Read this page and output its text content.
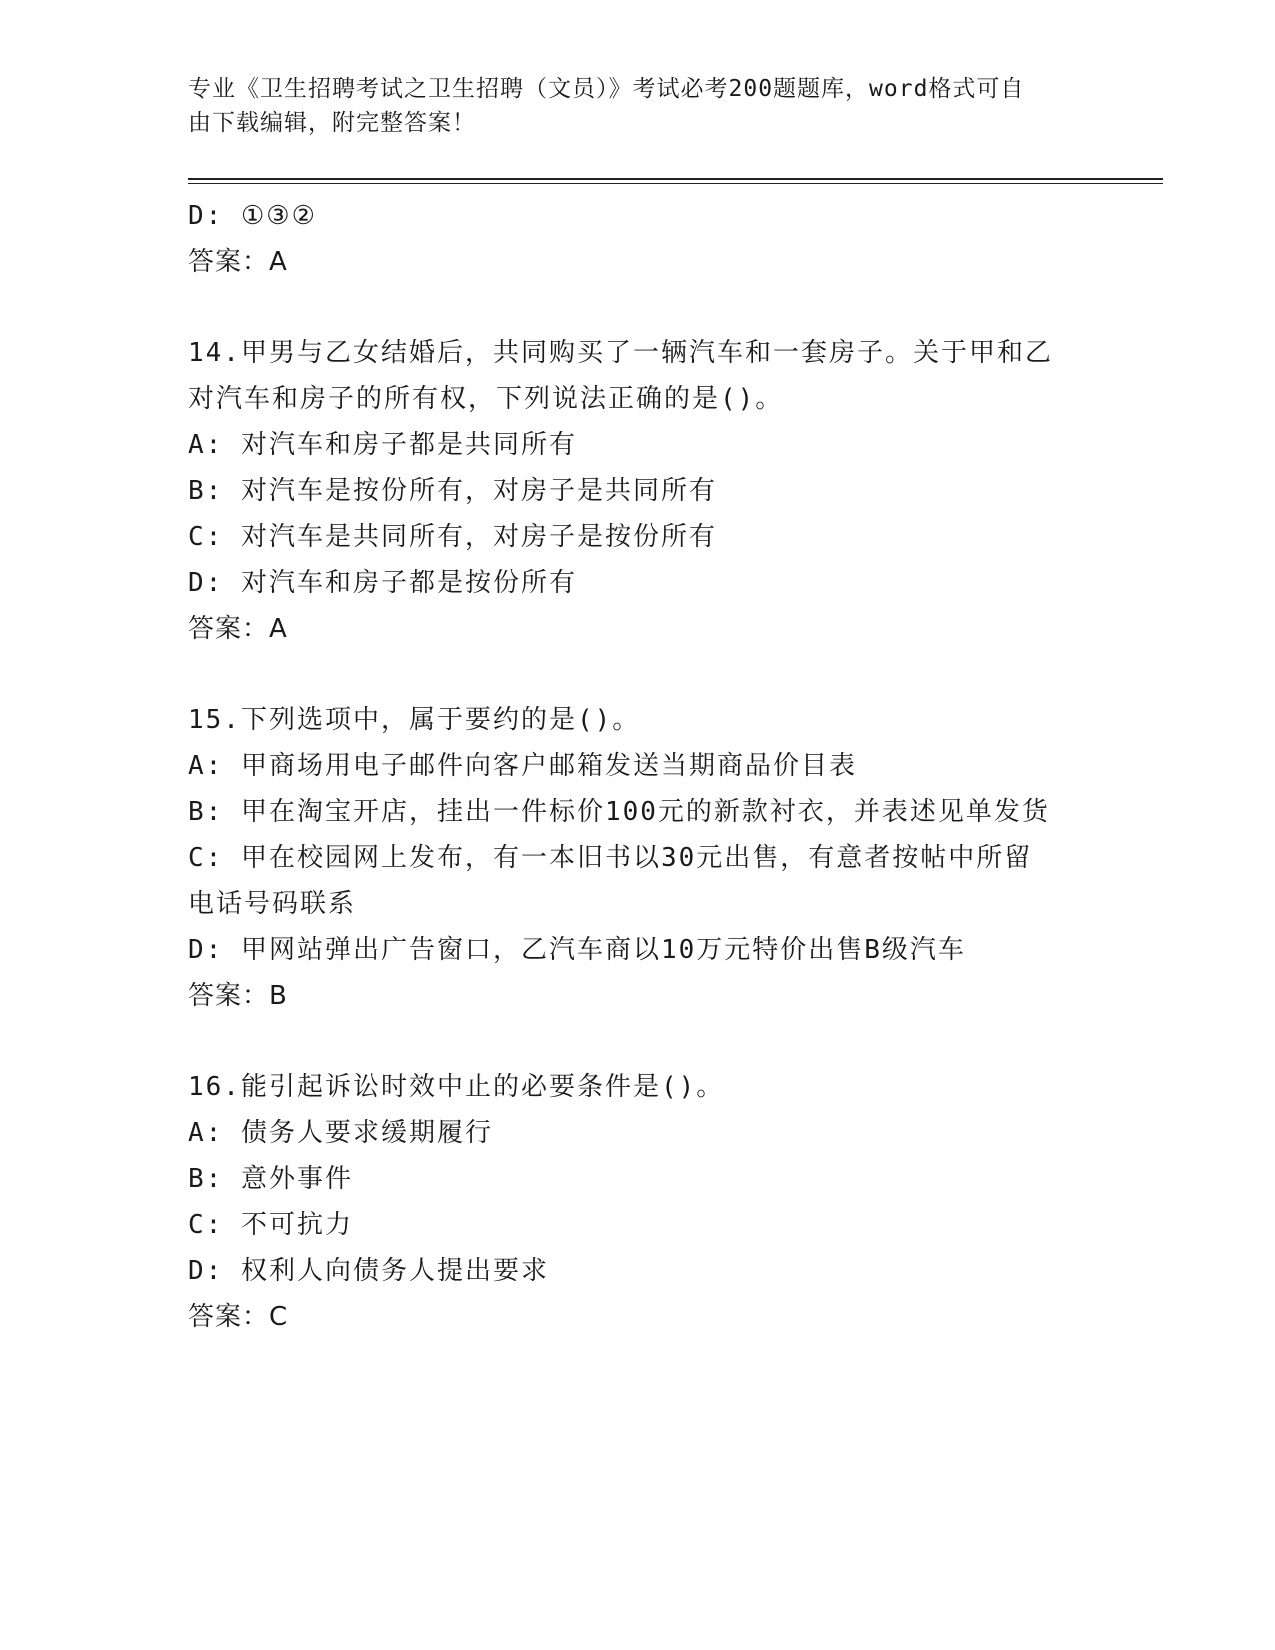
专业《卫生招聘考试之卫生招聘（文员）》考试必考200题题库，word格式可自
由下载编辑，附完整答案！
D: ①③②
答案：A
14.甲男与乙女结婚后，共同购买了一辆汽车和一套房子。关于甲和乙
对汽车和房子的所有权，下列说法正确的是()。
A: 对汽车和房子都是共同所有
B: 对汽车是按份所有，对房子是共同所有
C: 对汽车是共同所有，对房子是按份所有
D: 对汽车和房子都是按份所有
答案：A
15.下列选项中，属于要约的是()。
A: 甲商场用电子邮件向客户邮箱发送当期商品价目表
B: 甲在淘宝开店，挂出一件标价100元的新款衬衣，并表述见单发货
C: 甲在校园网上发布，有一本旧书以30元出售，有意者按帖中所留
电话号码联系
D: 甲网站弹出广告窗口，乙汽车商以10万元特价出售B级汽车
答案：B
16.能引起诉讼时效中止的必要条件是()。
A: 债务人要求缓期履行
B: 意外事件
C: 不可抗力
D: 权利人向债务人提出要求
答案：C
